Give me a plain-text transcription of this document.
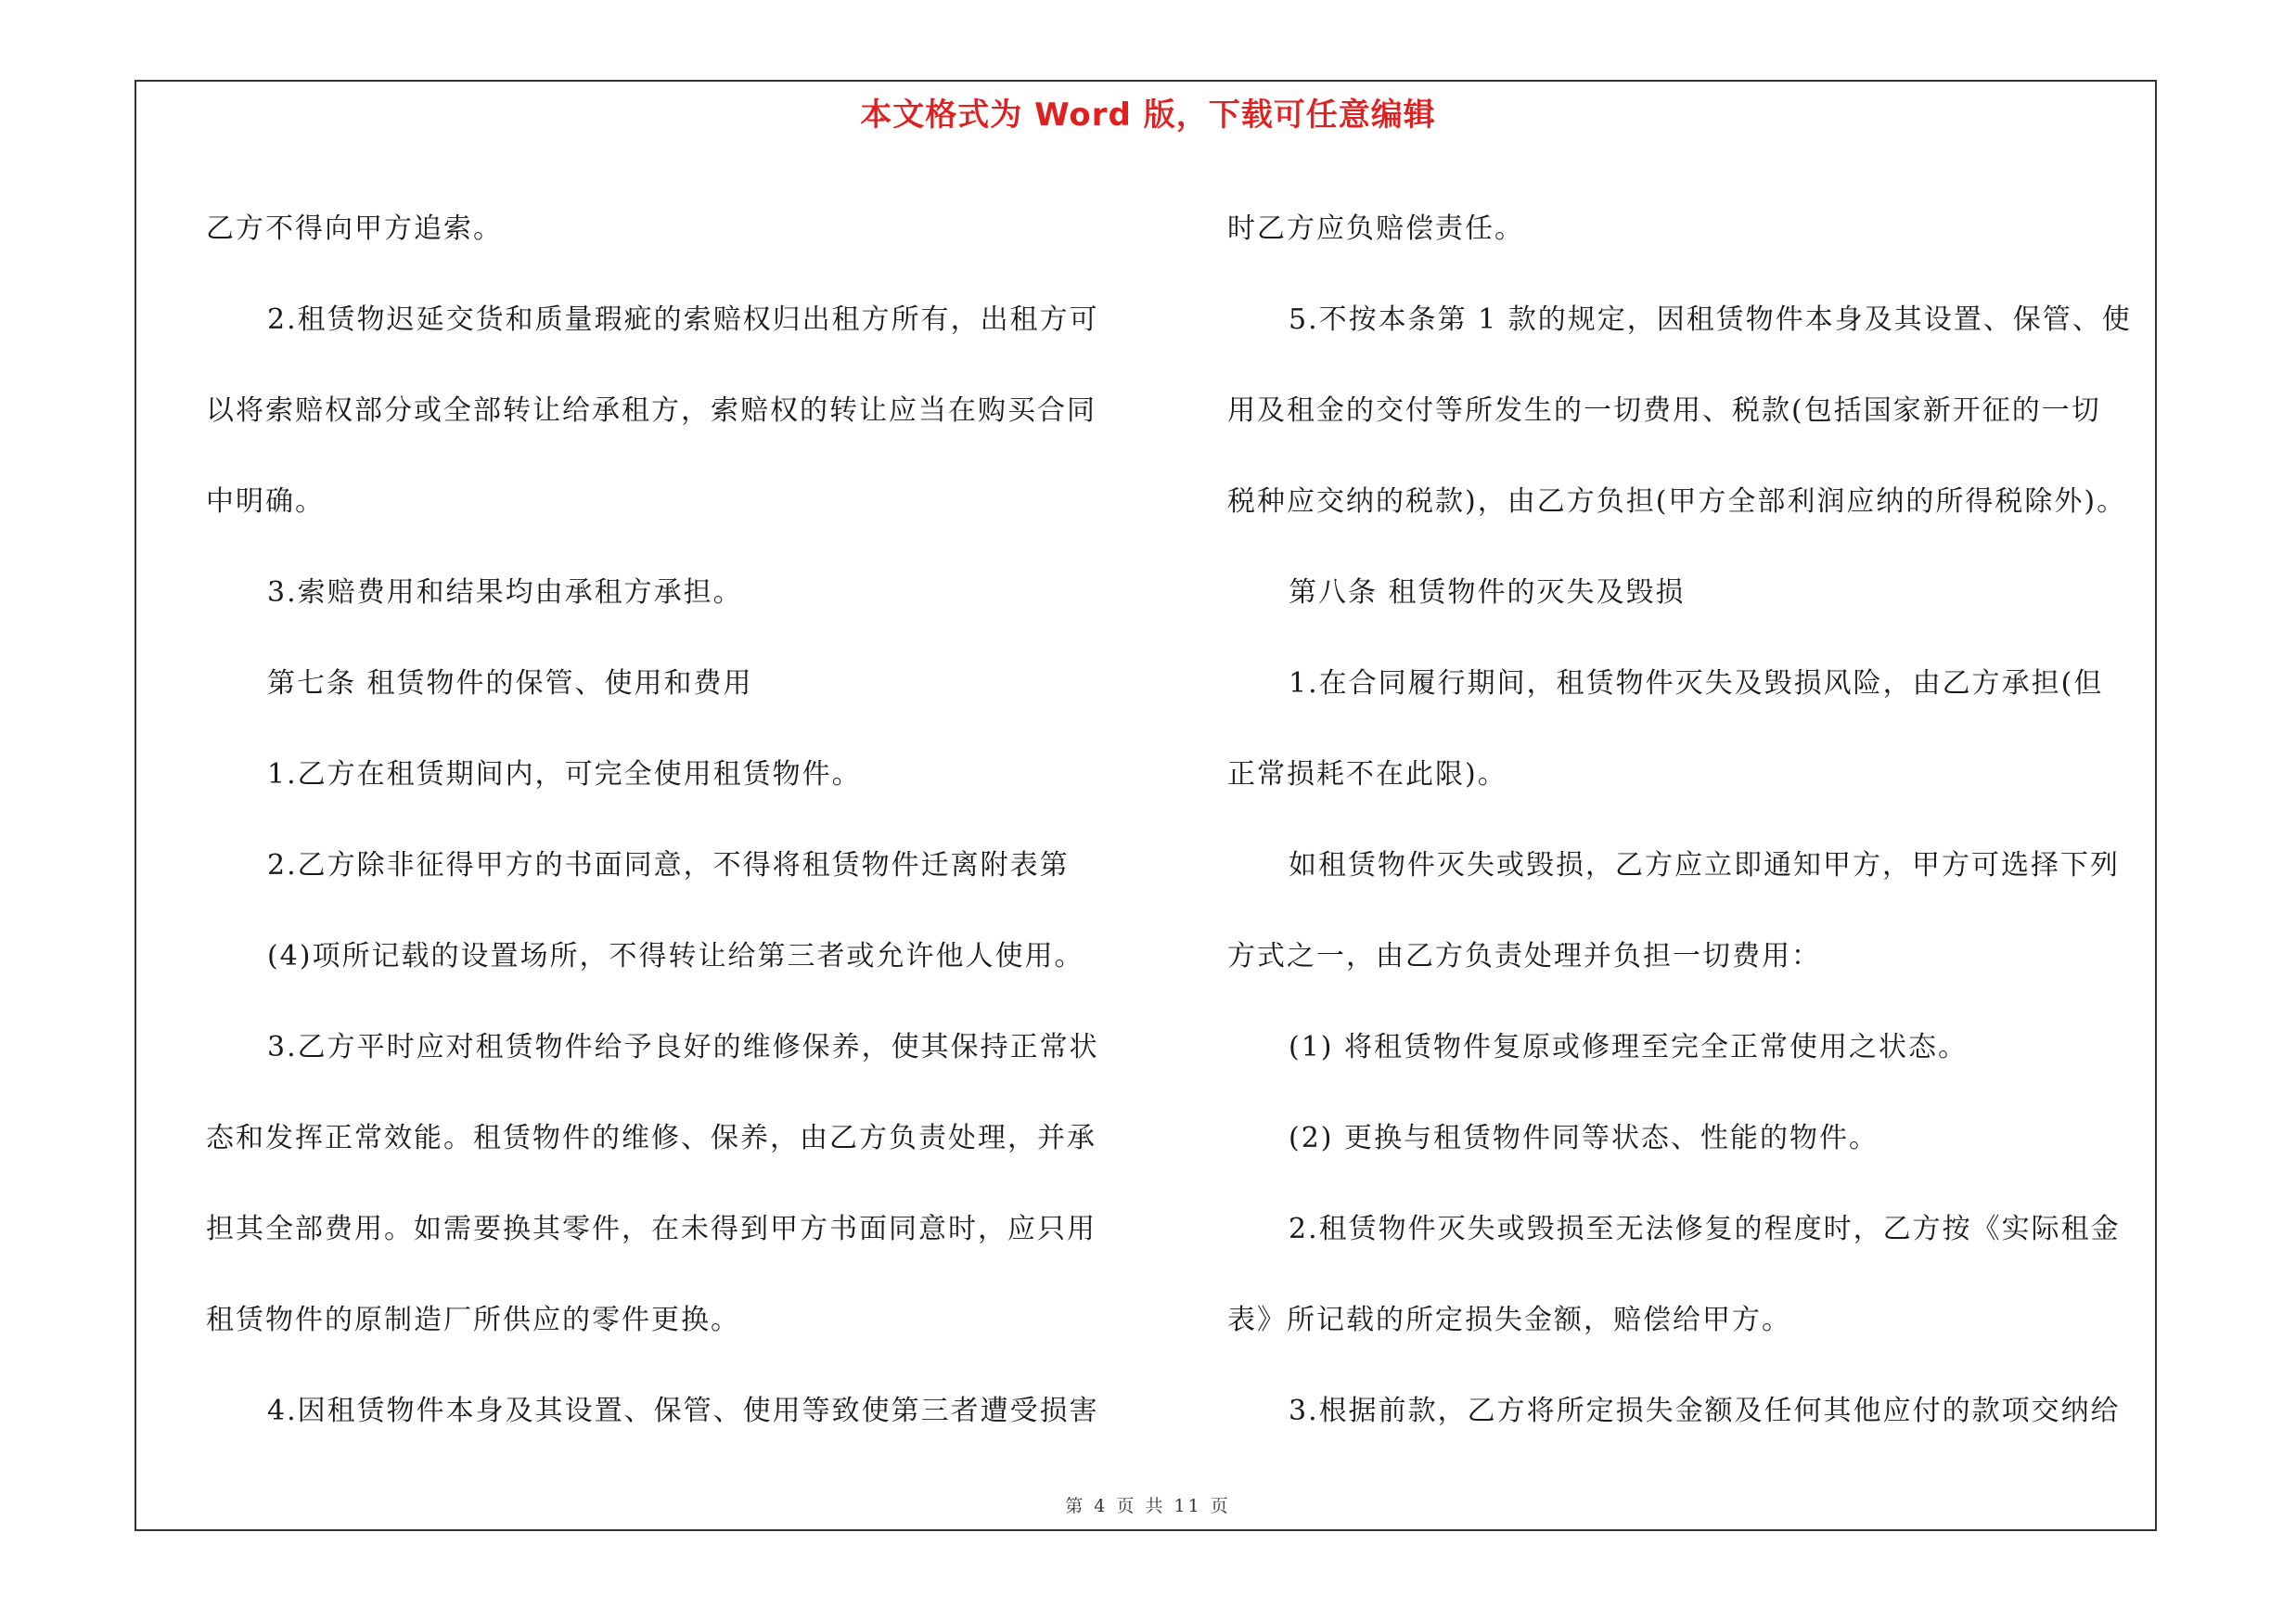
本文格式为 Word 版，下载可任意编辑
乙方不得向甲方追索。
2.租赁物迟延交货和质量瑕疵的索赔权归出租方所有，出租方可
以将索赔权部分或全部转让给承租方，索赔权的转让应当在购买合同
中明确。
3.索赔费用和结果均由承租方承担。
第七条 租赁物件的保管、使用和费用
1.乙方在租赁期间内，可完全使用租赁物件。
2.乙方除非征得甲方的书面同意，不得将租赁物件迁离附表第
(4)项所记载的设置场所，不得转让给第三者或允许他人使用。
3.乙方平时应对租赁物件给予良好的维修保养，使其保持正常状
态和发挥正常效能。租赁物件的维修、保养，由乙方负责处理，并承
担其全部费用。如需要换其零件，在未得到甲方书面同意时，应只用
租赁物件的原制造厂所供应的零件更换。
4.因租赁物件本身及其设置、保管、使用等致使第三者遭受损害
时乙方应负赔偿责任。
5.不按本条第 1 款的规定，因租赁物件本身及其设置、保管、使
用及租金的交付等所发生的一切费用、税款(包括国家新开征的一切
税种应交纳的税款)，由乙方负担(甲方全部利润应纳的所得税除外)。
第八条 租赁物件的灭失及毁损
1.在合同履行期间，租赁物件灭失及毁损风险，由乙方承担(但
正常损耗不在此限)。
如租赁物件灭失或毁损，乙方应立即通知甲方，甲方可选择下列
方式之一，由乙方负责处理并负担一切费用：
(1) 将租赁物件复原或修理至完全正常使用之状态。
(2) 更换与租赁物件同等状态、性能的物件。
2.租赁物件灭失或毁损至无法修复的程度时，乙方按《实际租金
表》所记载的所定损失金额，赔偿给甲方。
3.根据前款，乙方将所定损失金额及任何其他应付的款项交纳给
第 4 页 共 11 页
